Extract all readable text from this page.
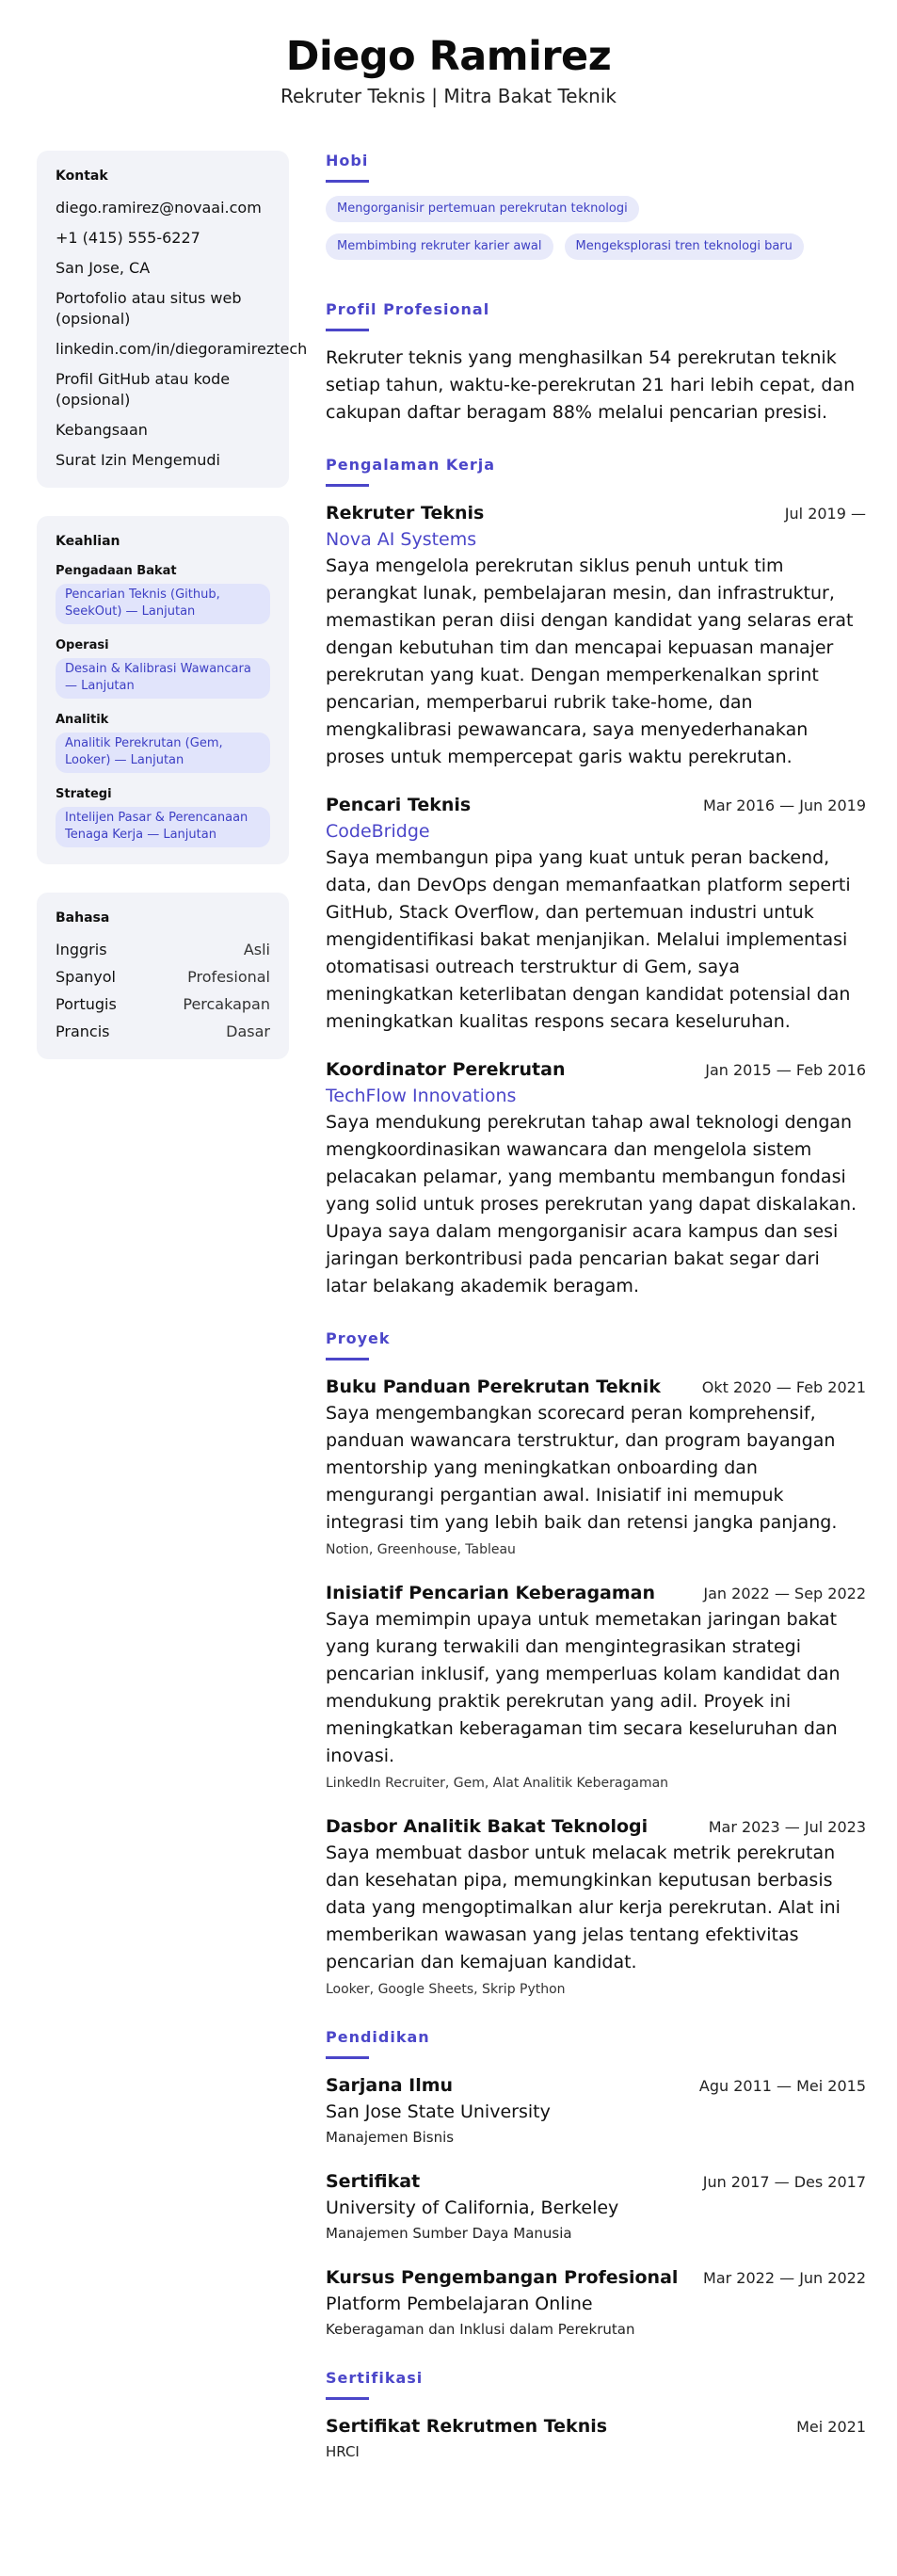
Diego Ramirez
Rekruter Teknis | Mitra Bakat Teknik
Kontak
diego.ramirez@novaai.com
+1 (415) 555-6227
San Jose, CA
Portofolio atau situs web (opsional)
linkedin.com/in/diegoramireztech
Profil GitHub atau kode (opsional)
Kebangsaan
Surat Izin Mengemudi
Keahlian
Pengadaan Bakat
Pencarian Teknis (Github, SeekOut) — Lanjutan
Operasi
Desain & Kalibrasi Wawancara — Lanjutan
Analitik
Analitik Perekrutan (Gem, Looker) — Lanjutan
Strategi
Intelijen Pasar & Perencanaan Tenaga Kerja — Lanjutan
Bahasa
Inggris	Asli
Spanyol	Profesional
Portugis	Percakapan
Prancis	Dasar
Hobi
Mengorganisir pertemuan perekrutan teknologi
Membimbing rekruter karier awal	Mengeksplorasi tren teknologi baru
Profil Profesional
Rekruter teknis yang menghasilkan 54 perekrutan teknik setiap tahun, waktu-ke-perekrutan 21 hari lebih cepat, dan cakupan daftar beragam 88% melalui pencarian presisi.
Pengalaman Kerja
Rekruter Teknis	Jul 2019 —
Nova AI Systems
Saya mengelola perekrutan siklus penuh untuk tim perangkat lunak, pembelajaran mesin, dan infrastruktur, memastikan peran diisi dengan kandidat yang selaras erat dengan kebutuhan tim dan mencapai kepuasan manajer perekrutan yang kuat. Dengan memperkenalkan sprint pencarian, memperbarui rubrik take-home, dan mengkalibrasi pewawancara, saya menyederhanakan proses untuk mempercepat garis waktu perekrutan.
Pencari Teknis	Mar 2016 — Jun 2019
CodeBridge
Saya membangun pipa yang kuat untuk peran backend, data, dan DevOps dengan memanfaatkan platform seperti GitHub, Stack Overflow, dan pertemuan industri untuk mengidentifikasi bakat menjanjikan. Melalui implementasi otomatisasi outreach terstruktur di Gem, saya meningkatkan keterlibatan dengan kandidat potensial dan meningkatkan kualitas respons secara keseluruhan.
Koordinator Perekrutan	Jan 2015 — Feb 2016
TechFlow Innovations
Saya mendukung perekrutan tahap awal teknologi dengan mengkoordinasikan wawancara dan mengelola sistem pelacakan pelamar, yang membantu membangun fondasi yang solid untuk proses perekrutan yang dapat diskalakan. Upaya saya dalam mengorganisir acara kampus dan sesi jaringan berkontribusi pada pencarian bakat segar dari latar belakang akademik beragam.
Proyek
Buku Panduan Perekrutan Teknik	Okt 2020 — Feb 2021
Saya mengembangkan scorecard peran komprehensif, panduan wawancara terstruktur, dan program bayangan mentorship yang meningkatkan onboarding dan mengurangi pergantian awal. Inisiatif ini memupuk integrasi tim yang lebih baik dan retensi jangka panjang.
Notion, Greenhouse, Tableau
Inisiatif Pencarian Keberagaman	Jan 2022 — Sep 2022
Saya memimpin upaya untuk memetakan jaringan bakat yang kurang terwakili dan mengintegrasikan strategi pencarian inklusif, yang memperluas kolam kandidat dan mendukung praktik perekrutan yang adil. Proyek ini meningkatkan keberagaman tim secara keseluruhan dan inovasi.
LinkedIn Recruiter, Gem, Alat Analitik Keberagaman
Dasbor Analitik Bakat Teknologi	Mar 2023 — Jul 2023
Saya membuat dasbor untuk melacak metrik perekrutan dan kesehatan pipa, memungkinkan keputusan berbasis data yang mengoptimalkan alur kerja perekrutan. Alat ini memberikan wawasan yang jelas tentang efektivitas pencarian dan kemajuan kandidat.
Looker, Google Sheets, Skrip Python
Pendidikan
Sarjana Ilmu	Agu 2011 — Mei 2015
San Jose State University
Manajemen Bisnis
Sertifikat	Jun 2017 — Des 2017
University of California, Berkeley
Manajemen Sumber Daya Manusia
Kursus Pengembangan Profesional Mar 2022 — Jun 2022
Platform Pembelajaran Online
Keberagaman dan Inklusi dalam Perekrutan
Sertifikasi
Sertifikat Rekrutmen Teknis	Mei 2021
HRCI
